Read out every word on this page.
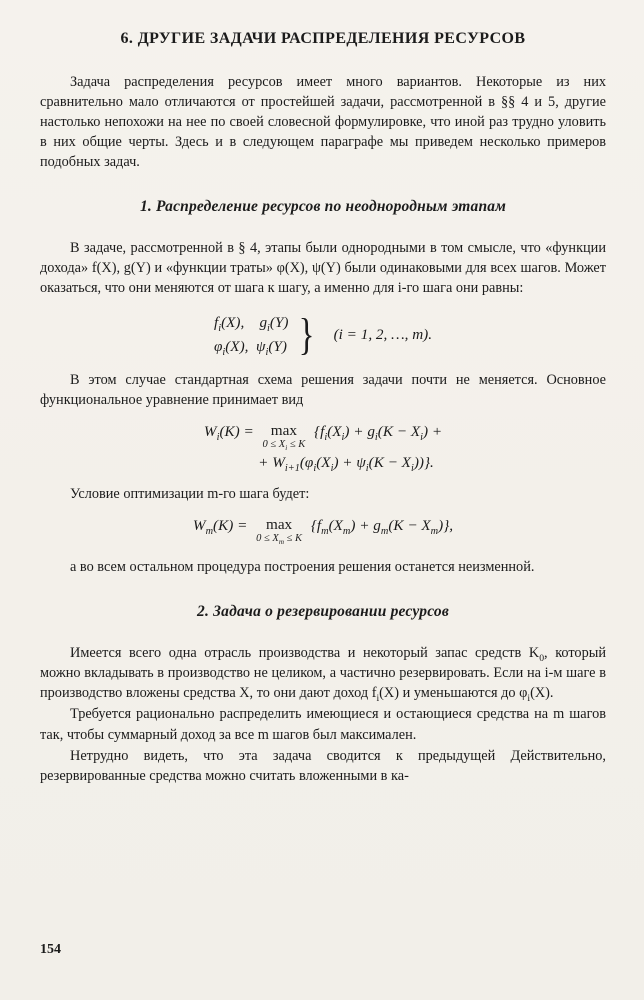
6. ДРУГИЕ ЗАДАЧИ РАСПРЕДЕЛЕНИЯ РЕСУРСОВ

Задача распределения ресурсов имеет много вариантов. Некоторые из них сравнительно мало отличаются от простейшей задачи, рассмотренной в §§ 4 и 5, другие настолько непохожи на нее по своей словесной формулировке, что иной раз трудно уловить в них общие черты. Здесь и в следующем параграфе мы приведем несколько примеров подобных задач.

1. Распределение ресурсов по неоднородным этапам

В задаче, рассмотренной в § 4, этапы были однородными в том смысле, что «функции дохода» f(X), g(Y) и «функции траты» φ(X), ψ(Y) были одинаковыми для всех шагов. Может оказаться, что они меняются от шага к шагу, а именно для i-го шага они равны:

$f_i(X)$, $g_i(Y)$
$\varphi_i(X)$, $\psi_i(Y)$ } (i = 1, 2, …, m).

В этом случае стандартная схема решения задачи почти не меняется. Основное функциональное уравнение принимает вид

$W_i(K)$ =	max
$0 \le X_i \le K$
{$f_i(X_i) + g_i(K - X_i)$ +
+ $W_{i+1}(\varphi_i(X_i) + \psi_i(K - X_i))$}.

Условие оптимизации m-го шага будет:

$W_m(K)$ =	max
$0 \le X_m \le K$
$\{f_m(X_m) + g_m(K - X_m)\}$,

а во всем остальном процедура построения решения останется неизменной.

2. Задача о резервировании ресурсов

Имеется всего одна отрасль производства и некоторый запас средств $K_0$, который можно вкладывать в производство не целиком, а частично резервировать. Если на i-м шаге в производство вложены средства X, то они дают доход $f_i(X)$ и уменьшаются до $\varphi_i(X)$.

Требуется рационально распределить имеющиеся и остающиеся средства на m шагов так, чтобы суммарный доход за все m шагов был максимален.

Нетрудно видеть, что эта задача сводится к предыдущей Действительно, резервированные средства можно считать вложенными в ка-

154
